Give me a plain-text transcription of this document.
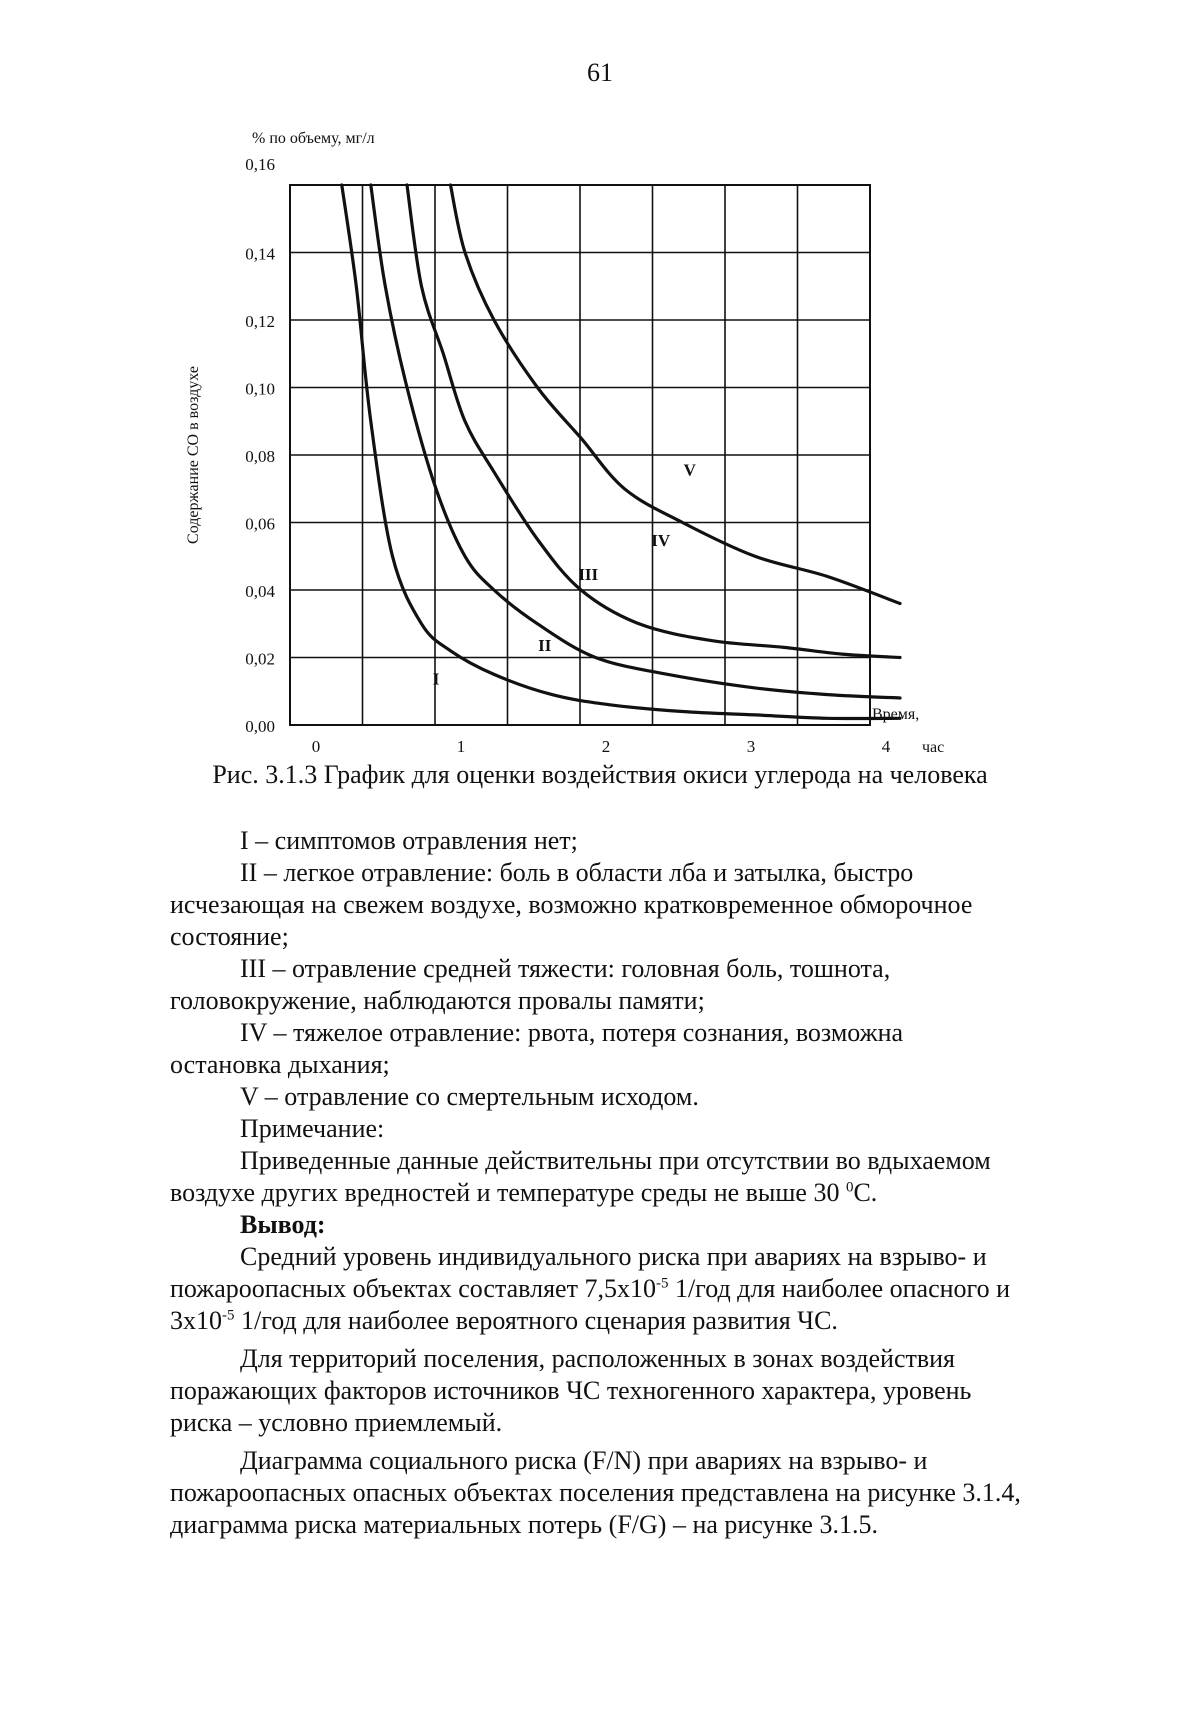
61
0,00
0,02
0,04
0,06
0,08
0,10
0,12
0,14
0,16
0	1	2	3	4
% по объему, мг/л
Содержание СО в воздухе
Время,
час
I
II
III
IV
V
Рис. 3.1.3 График для оценки воздействия окиси углерода на человека

I – симптомов отравления нет;

II – легкое отравление: боль в области лба и затылка, быстро

исчезающая на свежем воздухе, возможно кратковременное обморочное

состояние;

III – отравление средней тяжести: головная боль, тошнота,

головокружение, наблюдаются провалы памяти;

IV – тяжелое отравление: рвота, потеря сознания, возможна

остановка дыхания;

V – отравление со смертельным исходом.

Примечание:

Приведенные данные действительны при отсутствии во вдыхаемом

воздухе других вредностей и температуре среды не выше 30 $^0$С.

Вывод:

Средний уровень индивидуального риска при авариях на взрыво- и

пожароопасных объектах составляет $7,5х10^{-5}$ 1/год для наиболее опасного и

$3х10^{-5}$ 1/год для наиболее вероятного сценария развития ЧС.

Для территорий поселения, расположенных в зонах воздействия

поражающих факторов источников ЧС техногенного характера, уровень

риска – условно приемлемый.

Диаграмма социального риска (F/N) при авариях на взрыво- и

пожароопасных опасных объектах поселения представлена на рисунке 3.1.4,

диаграмма риска материальных потерь (F/G) – на рисунке 3.1.5.
